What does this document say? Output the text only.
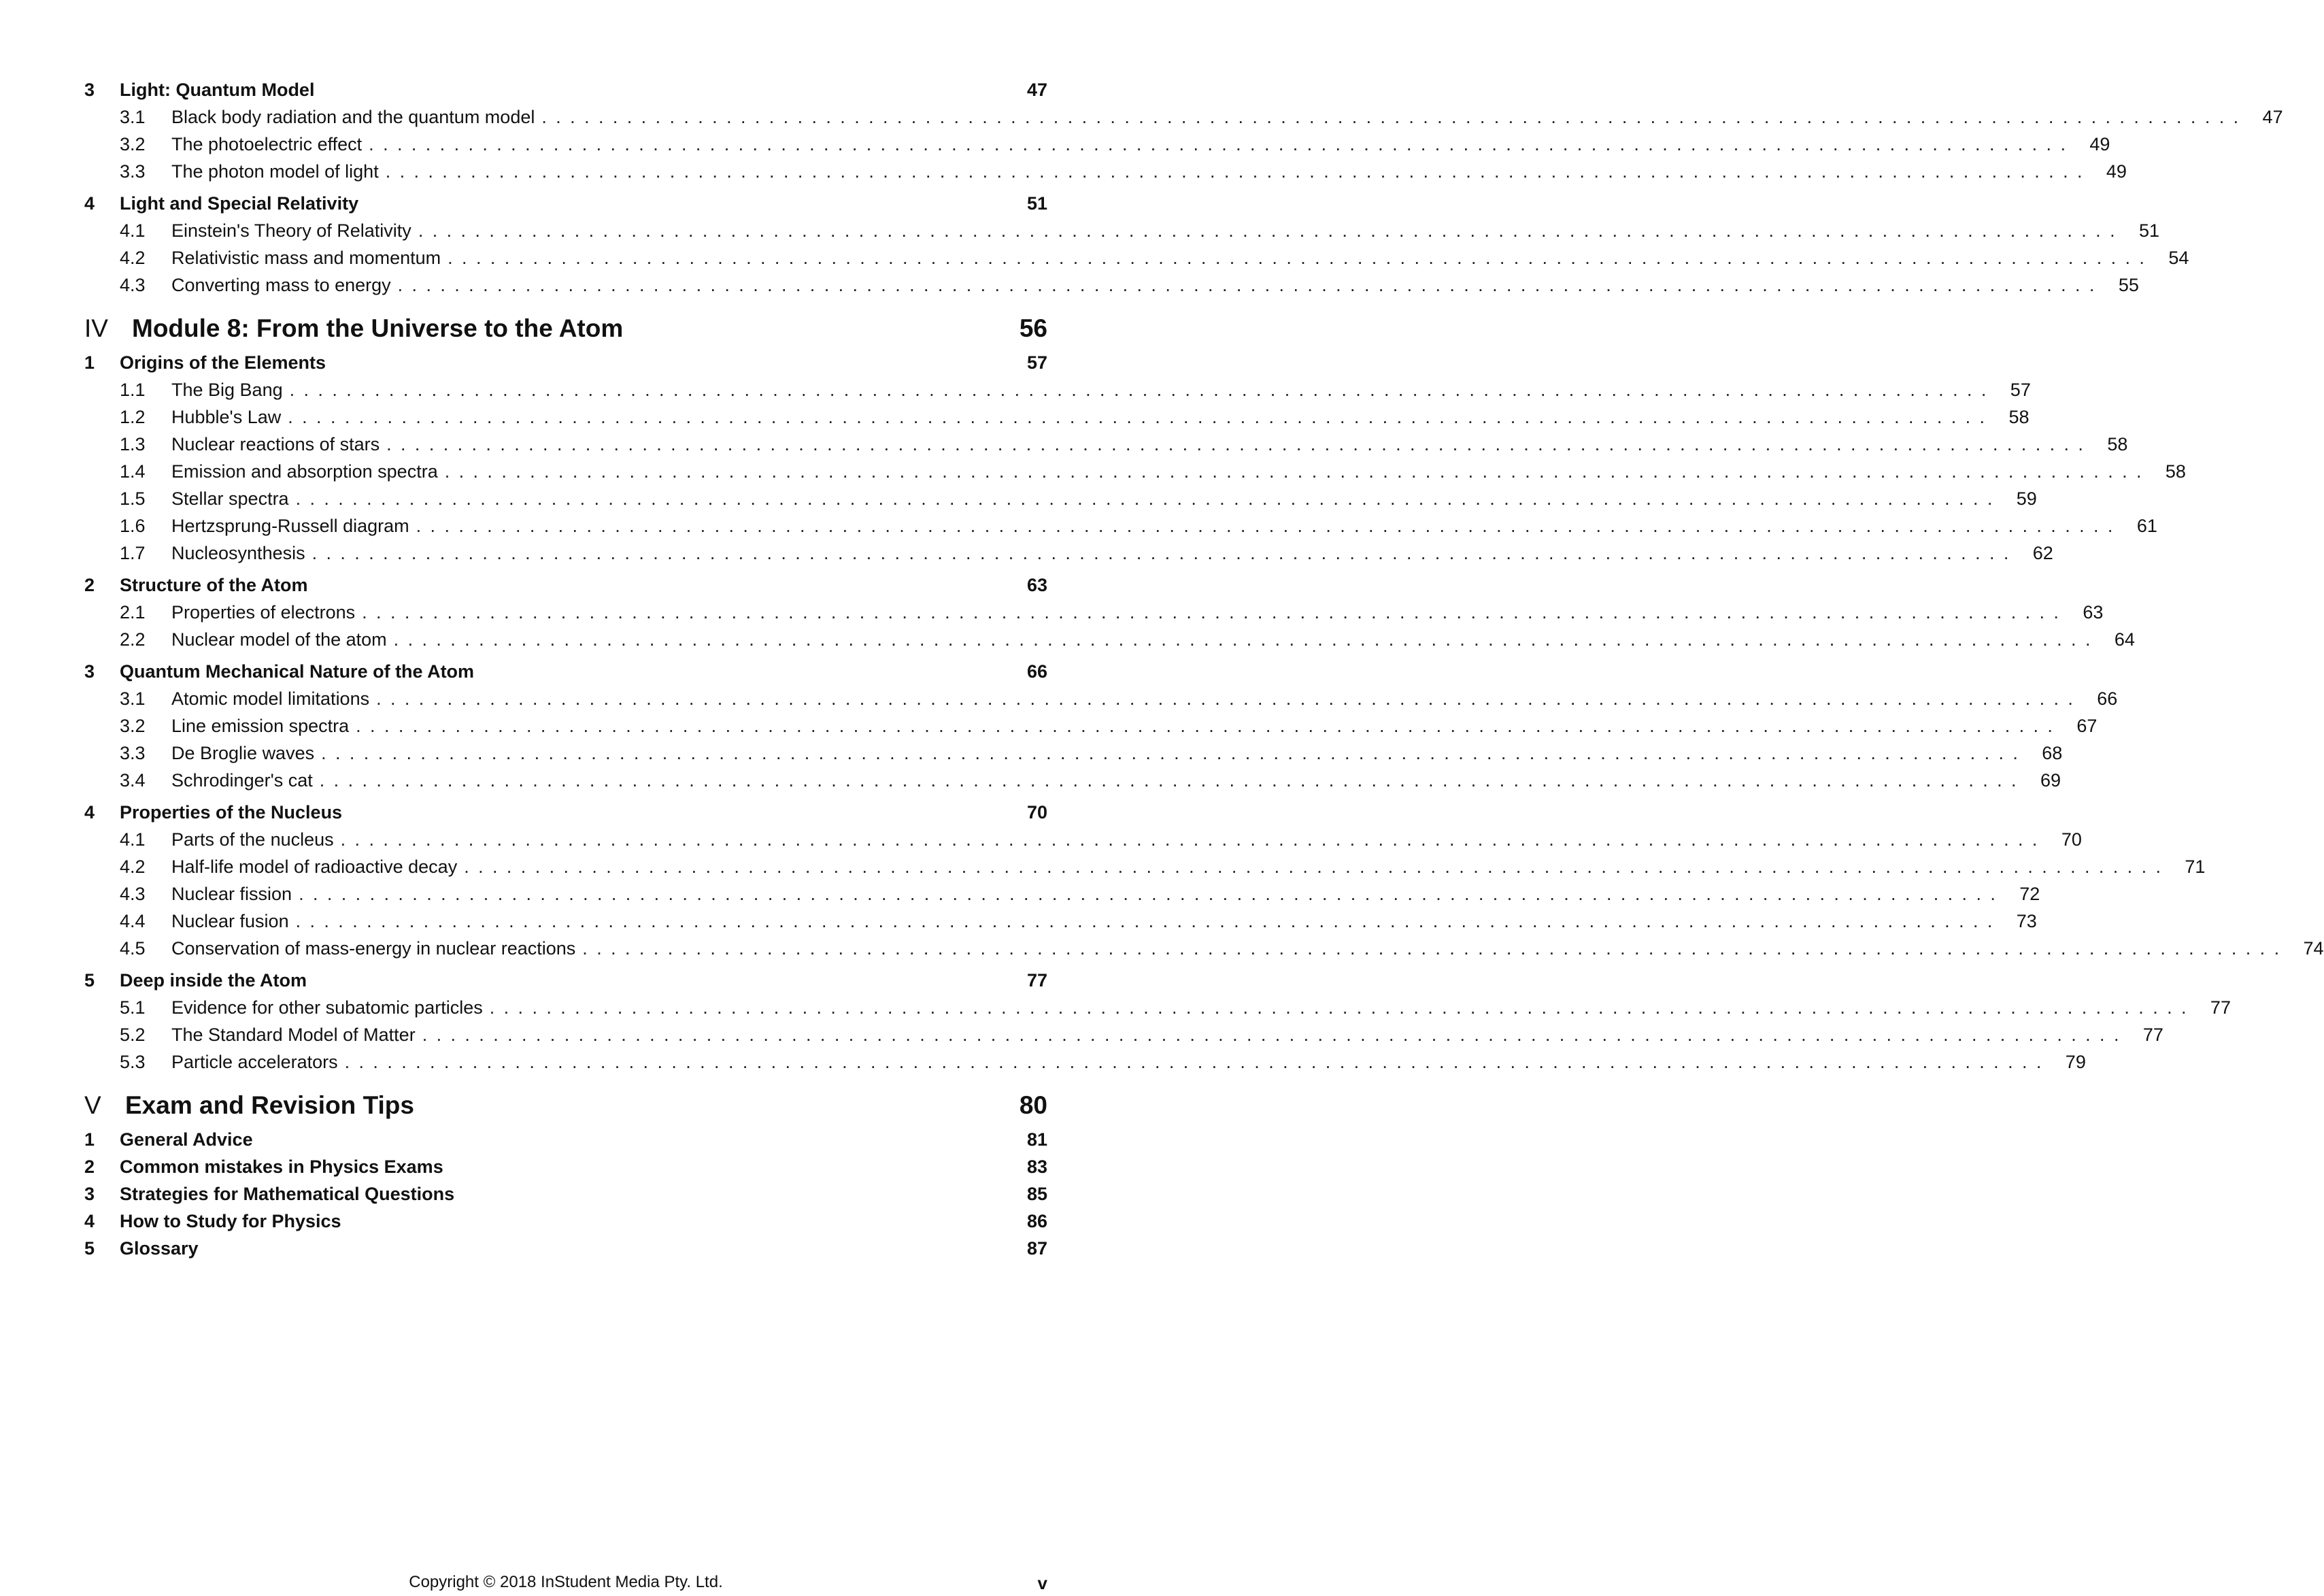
3	Light: Quantum Model	47
3.1	Black body radiation and the quantum model ........................................................................................................................ 47
3.2	The photoelectric effect ........................................................................................................................ 49
3.3	The photon model of light ........................................................................................................................ 49
4	Light and Special Relativity	51
4.1	Einstein's Theory of Relativity ........................................................................................................................ 51
4.2	Relativistic mass and momentum ........................................................................................................................ 54
4.3	Converting mass to energy ........................................................................................................................ 55
IV Module 8: From the Universe to the Atom	56
1	Origins of the Elements	57
1.1	The Big Bang ........................................................................................................................ 57
1.2	Hubble's Law ........................................................................................................................ 58
1.3	Nuclear reactions of stars ........................................................................................................................ 58
1.4	Emission and absorption spectra ........................................................................................................................ 58
1.5	Stellar spectra ........................................................................................................................ 59
1.6	Hertzsprung-Russell diagram ........................................................................................................................ 61
1.7	Nucleosynthesis ........................................................................................................................ 62
2	Structure of the Atom	63
2.1	Properties of electrons ........................................................................................................................ 63
2.2	Nuclear model of the atom ........................................................................................................................ 64
3	Quantum Mechanical Nature of the Atom	66
3.1	Atomic model limitations ........................................................................................................................ 66
3.2	Line emission spectra ........................................................................................................................ 67
3.3	De Broglie waves ........................................................................................................................ 68
3.4	Schrodinger's cat ........................................................................................................................ 69
4	Properties of the Nucleus	70
4.1	Parts of the nucleus ........................................................................................................................ 70
4.2	Half-life model of radioactive decay ........................................................................................................................ 71
4.3	Nuclear fission ........................................................................................................................ 72
4.4	Nuclear fusion ........................................................................................................................ 73
4.5	Conservation of mass-energy in nuclear reactions ........................................................................................................................ 74
5	Deep inside the Atom	77
5.1	Evidence for other subatomic particles ........................................................................................................................ 77
5.2	The Standard Model of Matter ........................................................................................................................ 77
5.3	Particle accelerators ........................................................................................................................ 79
V Exam and Revision Tips	80
1	General Advice	81
2	Common mistakes in Physics Exams	83
3	Strategies for Mathematical Questions	85
4	How to Study for Physics	86
5	Glossary	87
Copyright © 2018 InStudent Media Pty. Ltd.	v
